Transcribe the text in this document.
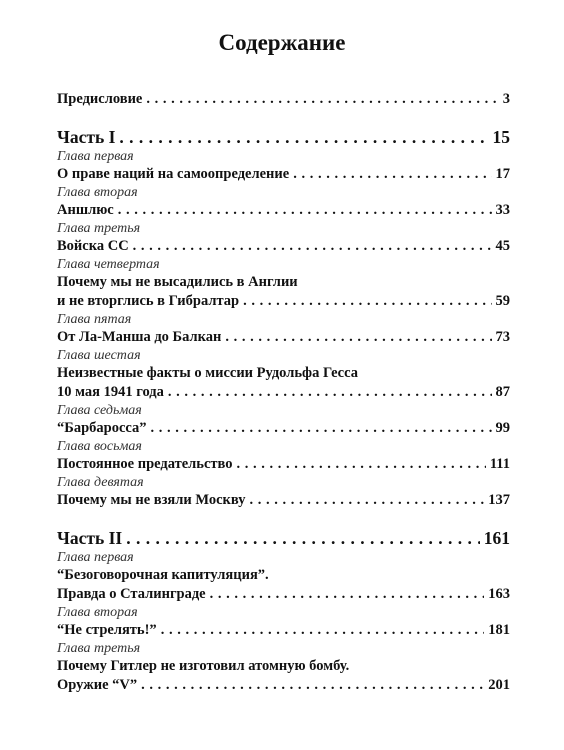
Содержание
Предисловие . . .	3
Часть I . . .	15
Глава первая
О праве наций на самоопределение . . .	17
Глава вторая
Аншлюс . . .	33
Глава третья
Войска СС . . .	45
Глава четвертая
Почему мы не высадились в Англии
и не вторглись в Гибралтар . . .	59
Глава пятая
От Ла-Манша до Балкан . . .	73
Глава шестая
Неизвестные факты о миссии Рудольфа Гесса
10 мая 1941 года . . .	87
Глава седьмая
“Барбаросса” . . .	99
Глава восьмая
Постоянное предательство . . .	111
Глава девятая
Почему мы не взяли Москву . . .	137
Часть II . . .	161
Глава первая
“Безоговорочная капитуляция”.
Правда о Сталинграде . . .	163
Глава вторая
“Не стрелять!” . . .	181
Глава третья
Почему Гитлер не изготовил атомную бомбу.
Оружие “V” . . .	201
